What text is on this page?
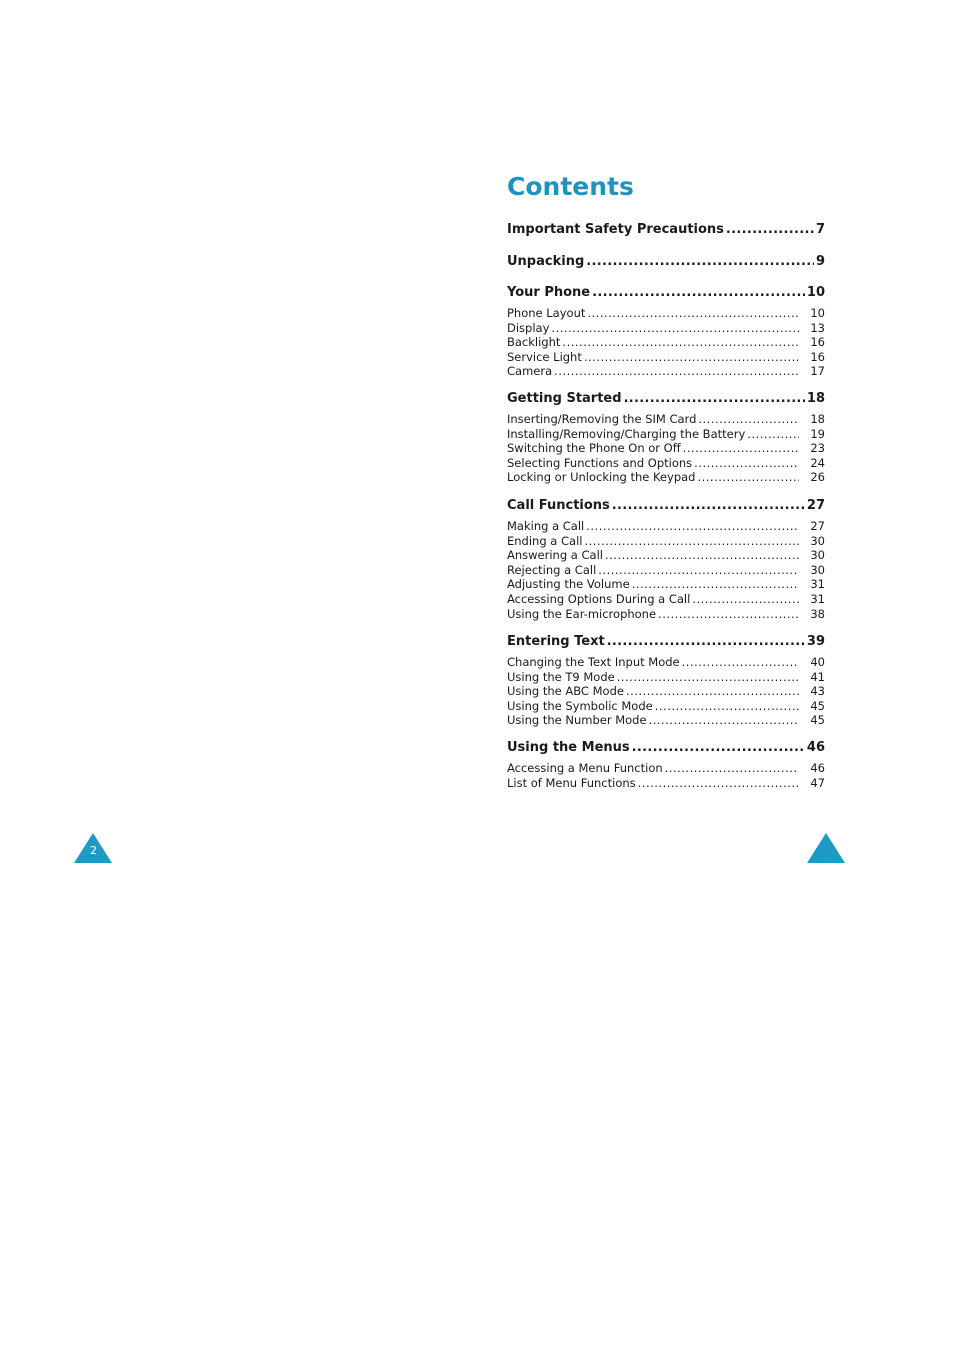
Contents
Important Safety Precautions .....	7
Unpacking .....	9
Your Phone .....	10
Phone Layout .....	10
Display .....	13
Backlight .....	16
Service Light .....	16
Camera .....	17
Getting Started .....	18
Inserting/Removing the SIM Card .....	18
Installing/Removing/Charging the Battery .....	19
Switching the Phone On or Off .....	23
Selecting Functions and Options .....	24
Locking or Unlocking the Keypad .....	26
Call Functions .....	27
Making a Call .....	27
Ending a Call .....	30
Answering a Call .....	30
Rejecting a Call .....	30
Adjusting the Volume .....	31
Accessing Options During a Call .....	31
Using the Ear-microphone .....	38
Entering Text .....	39
Changing the Text Input Mode .....	40
Using the T9 Mode .....	41
Using the ABC Mode .....	43
Using the Symbolic Mode .....	45
Using the Number Mode .....	45
Using the Menus .....	46
Accessing a Menu Function .....	46
List of Menu Functions .....	47
2
